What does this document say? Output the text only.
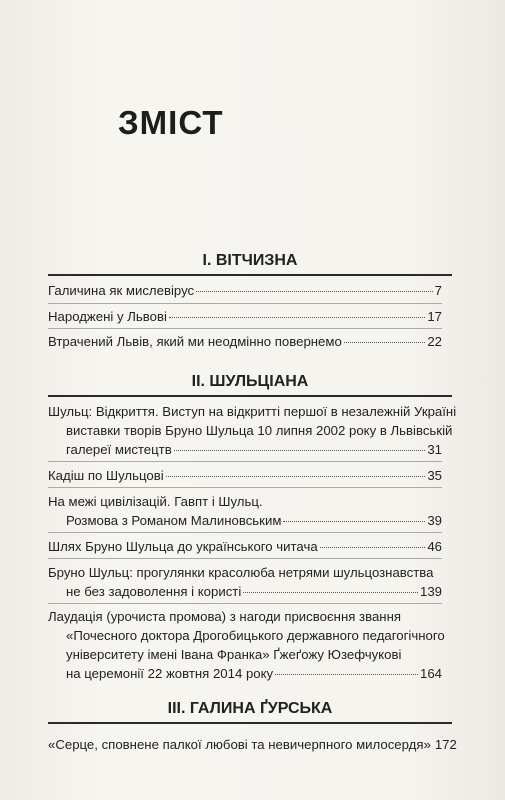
ЗМІСТ
І. ВІТЧИЗНА
Галичина як мислевірус	7
Народжені у Львові	17
Втрачений Львів, який ми неодмінно повернемо	22
ІІ. ШУЛЬЦІАНА
Шульц: Відкриття. Виступ на відкритті першої в незалежній Україні
виставки творів Бруно Шульца 10 липня 2002 року в Львівській
галереї мистецтв	31
Кадіш по Шульцові	35
На межі цивілізацій. Гавпт і Шульц.
Розмова з Романом Малиновським	39
Шлях Бруно Шульца до українського читача	46
Бруно Шульц: прогулянки красолюба нетрями шульцознавства
не без задоволення і користі	139
Лаудація (урочиста промова) з нагоди присвоєння звання
«Почесного доктора Дрогобицького державного педагогічного
університету імені Івана Франка» Ґжеґожу Юзефчукові
на церемонії 22 жовтня 2014 року	164
ІІІ. ГАЛИНА ҐУРСЬКА
«Серце, сповнене палкої любові та невичерпного милосердя» 172
